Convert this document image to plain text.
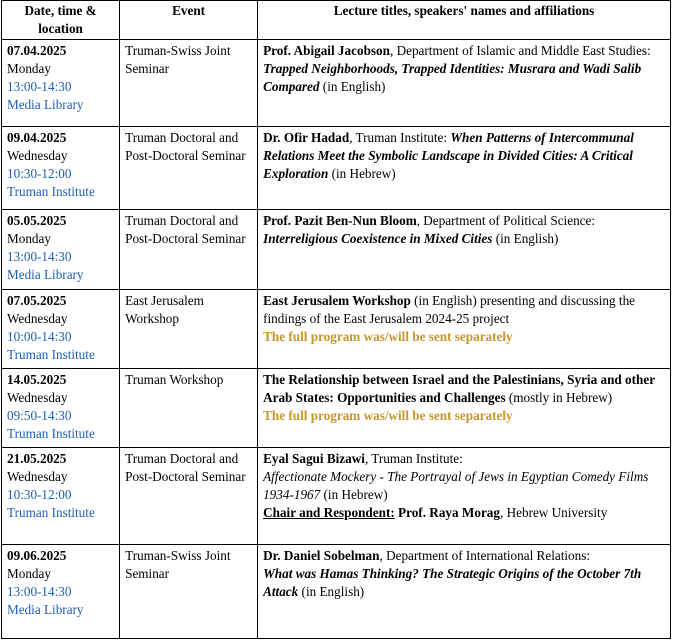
Date, time & location	Event	Lecture titles, speakers' names and affiliations

07.04.2025
Monday
13:00-14:30
Media Library	Truman-Swiss Joint Seminar	Prof. Abigail Jacobson, Department of Islamic and Middle East Studies: Trapped Neighborhoods, Trapped Identities: Musrara and Wadi Salib Compared (in English)

09.04.2025
Wednesday
10:30-12:00
Truman Institute	Truman Doctoral and Post-Doctoral Seminar	Dr. Ofir Hadad, Truman Institute: When Patterns of Intercommunal Relations Meet the Symbolic Landscape in Divided Cities: A Critical Exploration (in Hebrew)

05.05.2025
Monday
13:00-14:30
Media Library	Truman Doctoral and Post-Doctoral Seminar	Prof. Pazit Ben-Nun Bloom, Department of Political Science: Interreligious Coexistence in Mixed Cities (in English)

07.05.2025
Wednesday
10:00-14:30
Truman Institute	East Jerusalem Workshop	East Jerusalem Workshop (in English) presenting and discussing the findings of the East Jerusalem 2024-25 project
The full program was/will be sent separately

14.05.2025
Wednesday
09:50-14:30
Truman Institute	Truman Workshop	The Relationship between Israel and the Palestinians, Syria and other Arab States: Opportunities and Challenges (mostly in Hebrew)
The full program was/will be sent separately

21.05.2025
Wednesday
10:30-12:00
Truman Institute	Truman Doctoral and Post-Doctoral Seminar	Eyal Sagui Bizawi, Truman Institute:
Affectionate Mockery - The Portrayal of Jews in Egyptian Comedy Films 1934-1967 (in Hebrew)
Chair and Respondent: Prof. Raya Morag, Hebrew University

09.06.2025
Monday
13:00-14:30
Media Library	Truman-Swiss Joint Seminar	Dr. Daniel Sobelman, Department of International Relations:
What was Hamas Thinking? The Strategic Origins of the October 7th Attack (in English)
